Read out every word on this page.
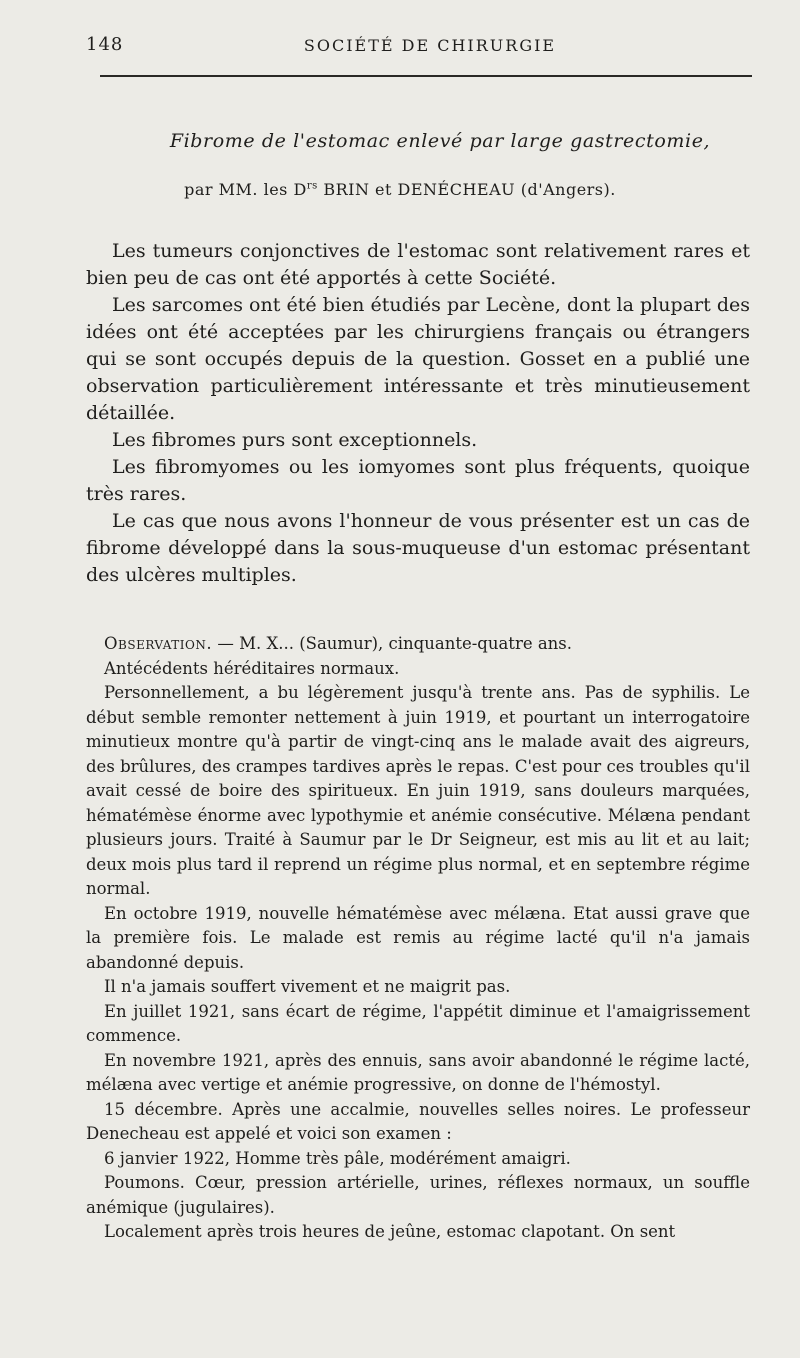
148	SOCIÉTÉ DE CHIRURGIE
Fibrome de l'estomac enlevé par large gastrectomie,
par MM. les $D^{rs}$ BRIN et DENÉCHEAU (d'Angers).

Les tumeurs conjonctives de l'estomac sont relativement rares et bien peu de cas ont été apportés à cette Société.

Les sarcomes ont été bien étudiés par Lecène, dont la plupart des idées ont été acceptées par les chirurgiens français ou étrangers qui se sont occupés depuis de la question. Gosset en a publié une observation particulièrement intéressante et très minutieusement détaillée.

Les fibromes purs sont exceptionnels.

Les fibromyomes ou les iomyomes sont plus fréquents, quoique très rares.

Le cas que nous avons l'honneur de vous présenter est un cas de fibrome développé dans la sous-muqueuse d'un estomac présentant des ulcères multiples.

Observation. — M. X... (Saumur), cinquante-quatre ans.

Antécédents héréditaires normaux.

Personnellement, a bu légèrement jusqu'à trente ans. Pas de syphilis. Le début semble remonter nettement à juin 1919, et pourtant un interrogatoire minutieux montre qu'à partir de vingt-cinq ans le malade avait des aigreurs, des brûlures, des crampes tardives après le repas. C'est pour ces troubles qu'il avait cessé de boire des spiritueux. En juin 1919, sans douleurs marquées, hématémèse énorme avec lypothymie et anémie consécutive. Mélæna pendant plusieurs jours. Traité à Saumur par le Dr Seigneur, est mis au lit et au lait; deux mois plus tard il reprend un régime plus normal, et en septembre régime normal.

En octobre 1919, nouvelle hématémèse avec mélæna. Etat aussi grave que la première fois. Le malade est remis au régime lacté qu'il n'a jamais abandonné depuis.

Il n'a jamais souffert vivement et ne maigrit pas.

En juillet 1921, sans écart de régime, l'appétit diminue et l'amaigrissement commence.

En novembre 1921, après des ennuis, sans avoir abandonné le régime lacté, mélæna avec vertige et anémie progressive, on donne de l'hémostyl.

15 décembre. Après une accalmie, nouvelles selles noires. Le professeur Denecheau est appelé et voici son examen :

6 janvier 1922, Homme très pâle, modérément amaigri.

Poumons. Cœur, pression artérielle, urines, réflexes normaux, un souffle anémique (jugulaires).

Localement après trois heures de jeûne, estomac clapotant. On sent
